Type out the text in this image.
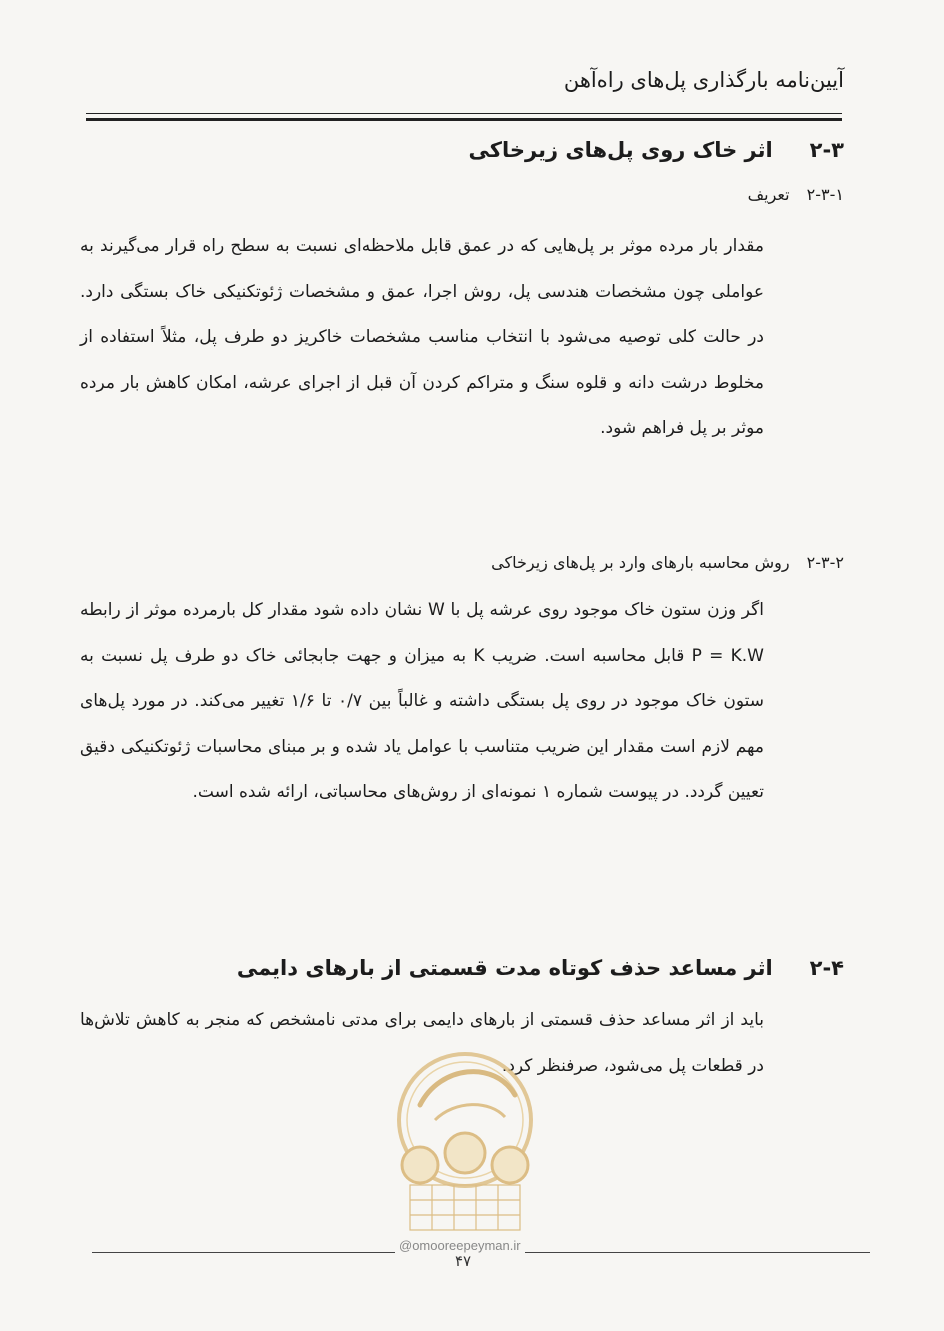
آیین‌نامه بارگذاری پل‌های راه‌آهن
۲-۳ اثر خاک روی پل‌های زیرخاکی
۲-۳-۱ تعریف
مقدار بار مرده موثر بر پل‌هایی که در عمق قابل ملاحظه‌ای نسبت به سطح راه قرار می‌گیرند به عواملی چون مشخصات هندسی پل، روش اجرا، عمق و مشخصات ژئوتکنیکی خاک بستگی دارد. در حالت کلی توصیه می‌شود با انتخاب مناسب مشخصات خاکریز دو طرف پل، مثلاً استفاده از مخلوط درشت دانه و قلوه سنگ و متراکم کردن آن قبل از اجرای عرشه، امکان کاهش بار مرده موثر بر پل فراهم شود.
۲-۳-۲ روش محاسبه بارهای وارد بر پل‌های زیرخاکی
اگر وزن ستون خاک موجود روی عرشه پل با W نشان داده شود مقدار کل بارمرده موثر از رابطه P = K.W قابل محاسبه است. ضریب K به میزان و جهت جابجائی خاک دو طرف پل نسبت به ستون خاک موجود در روی پل بستگی داشته و غالباً بین ۰/۷ تا ۱/۶ تغییر می‌کند. در مورد پل‌های مهم لازم است مقدار این ضریب متناسب با عوامل یاد شده و بر مبنای محاسبات ژئوتکنیکی دقیق تعیین گردد. در پیوست شماره ۱ نمونه‌ای از روش‌های محاسباتی، ارائه شده است.
۲-۴ اثر مساعد حذف کوتاه مدت قسمتی از بارهای دایمی
باید از اثر مساعد حذف قسمتی از بارهای دایمی برای مدتی نامشخص که منجر به کاهش تلاش‌ها در قطعات پل می‌شود، صرفنظر کرد.
@omooreepeyman.ir
۴۷
